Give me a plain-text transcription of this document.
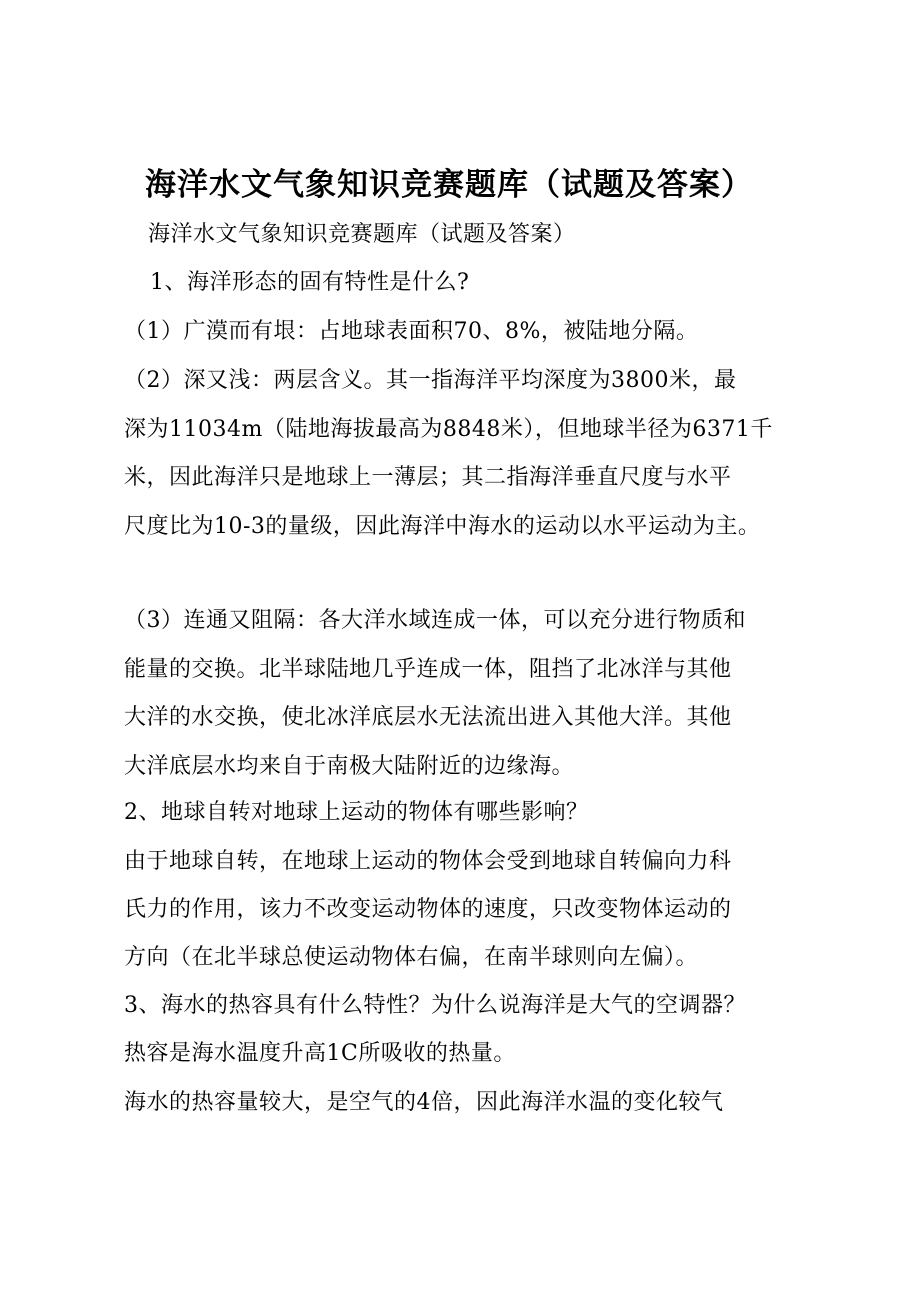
海洋水文气象知识竞赛题库（试题及答案）
海洋水文气象知识竞赛题库（试题及答案）
1、海洋形态的固有特性是什么?
（1）广漠而有垠：占地球表面积70、8%，被陆地分隔。
（2）深又浅：两层含义。其一指海洋平均深度为3800米，最
深为11034m（陆地海拔最高为8848米），但地球半径为6371千
米，因此海洋只是地球上一薄层；其二指海洋垂直尺度与水平
尺度比为10-3的量级，因此海洋中海水的运动以水平运动为主。
（3）连通又阻隔：各大洋水域连成一体，可以充分进行物质和
能量的交换。北半球陆地几乎连成一体，阻挡了北冰洋与其他
大洋的水交换，使北冰洋底层水无法流出进入其他大洋。其他
大洋底层水均来自于南极大陆附近的边缘海。
2、地球自转对地球上运动的物体有哪些影响？
由于地球自转，在地球上运动的物体会受到地球自转偏向力科
氏力的作用，该力不改变运动物体的速度，只改变物体运动的
方向（在北半球总使运动物体右偏，在南半球则向左偏）。
3、海水的热容具有什么特性？为什么说海洋是大气的空调器？
热容是海水温度升高1C所吸收的热量。
海水的热容量较大，是空气的4倍，因此海洋水温的变化较气
